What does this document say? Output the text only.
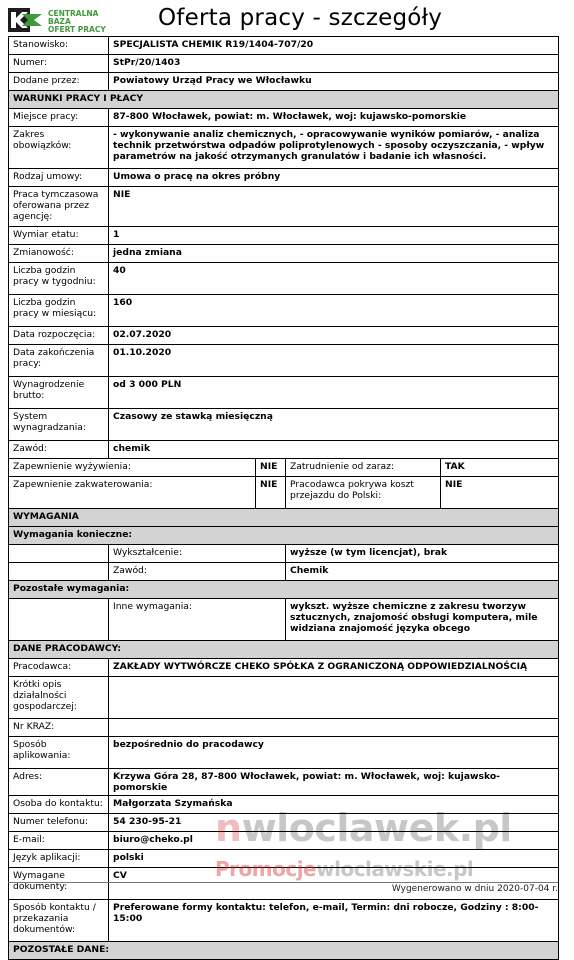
CENTRALNA BAZA
OFERT PRACY	Oferta pracy - szczegóły
Stanowisko:	SPECJALISTA CHEMIK R19/1404-707/20			
Numer:	StPr/20/1403			
Dodane przez:	Powiatowy Urząd Pracy we Włocławku			
WARUNKI PRACY I PŁACY				
Miejsce pracy:	87-800 Włocławek, powiat: m. Włocławek, woj: kujawsko-pomorskie			
Zakres obowiązków:	- wykonywanie analiz chemicznych, - opracowywanie wyników pomiarów, - analiza technik przetwórstwa odpadów poliprotylenowych - sposoby oczyszczania, - wpływ parametrów na jakość otrzymanych granulatów i badanie ich własności.			
Rodzaj umowy:	Umowa o pracę na okres próbny			
Praca tymczasowa oferowana przez agencję:	NIE			
Wymiar etatu:	1			
Zmianowość:	jedna zmiana			
Liczba godzin pracy w tygodniu:	40			
Liczba godzin pracy w miesiącu:	160			
Data rozpoczęcia:	02.07.2020			
Data zakończenia pracy:	01.10.2020			
Wynagrodzenie brutto:	od 3 000 PLN			
System wynagradzania:	Czasowy ze stawką miesięczną			
Zawód:	chemik			
Zapewnienie wyżywienia:		NIE	Zatrudnienie od zaraz:	TAK
Zapewnienie zakwaterowania:		NIE	Pracodawca pokrywa koszt przejazdu do Polski:	NIE
WYMAGANIA				
Wymagania konieczne:				
	Wykształcenie:		wyższe (w tym licencjat), brak	
	Zawód:		Chemik	
Pozostałe wymagania:				
	Inne wymagania:		wykszt. wyższe chemiczne z zakresu tworzyw sztucznych, znajomość obsługi komputera, mile widziana znajomość języka obcego	
DANE PRACODAWCY:				
Pracodawca:	ZAKŁADY WYTWÓRCZE CHEKO SPÓŁKA Z OGRANICZONĄ ODPOWIEDZIALNOŚCIĄ			
Krótki opis działalności gospodarczej:				
Nr KRAZ:				
Sposób aplikowania:	bezpośrednio do pracodawcy			
Adres:	Krzywa Góra 28, 87-800 Włocławek, powiat: m. Włocławek, woj: kujawsko-pomorskie			
Osoba do kontaktu:	Małgorzata Szymańska			
Numer telefonu:	54 230-95-21			
E-mail:	biuro@cheko.pl			
Język aplikacji:	polski			
Wymagane dokumenty:	CV			
Sposób kontaktu / przekazania dokumentów:	Preferowane formy kontaktu: telefon, e-mail, Termin: dni robocze, Godziny : 8:00-15:00			
POZOSTAŁE DANE:				
nwloclawek.pl
Promocjewloclawskie.pl
Wygenerowano w dniu 2020-07-04 r.
